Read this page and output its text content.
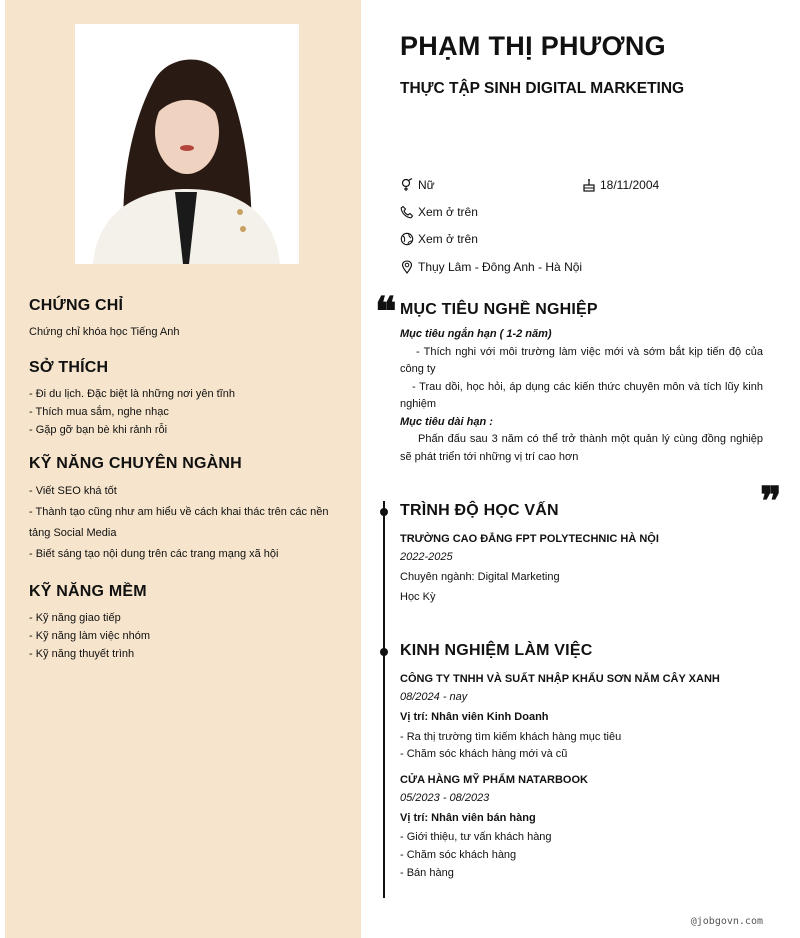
CHỨNG CHỈ
Chứng chỉ khóa học Tiếng Anh
SỞ THÍCH
- Đi du lịch. Đặc biệt là những nơi yên tĩnh
- Thích mua sắm, nghe nhạc
- Gặp gỡ bạn bè khi rảnh rỗi
KỸ NĂNG CHUYÊN NGÀNH
- Viết SEO khá tốt
- Thành tạo cũng như am hiểu về cách khai thác trên các nền tảng Social Media
- Biết sáng tạo nội dung trên các trang mạng xã hội
KỸ NĂNG MỀM
- Kỹ năng giao tiếp
- Kỹ năng làm việc nhóm
- Kỹ năng thuyết trình
PHẠM THỊ PHƯƠNG
THỰC TẬP SINH DIGITAL MARKETING
Nữ	18/11/2004
Xem ở trên
Xem ở trên
Thụy Lâm - Đông Anh - Hà Nội
❝ MỤC TIÊU NGHỀ NGHIỆP
Mục tiêu ngắn hạn ( 1-2 năm)
- Thích nghi với môi trường làm việc mới và sớm bắt kịp tiến độ của công ty
- Trau dồi, học hỏi, áp dụng các kiến thức chuyên môn và tích lũy kinh nghiệm
Mục tiêu dài hạn :
Phấn đấu sau 3 năm có thể trở thành một quản lý cùng đồng nghiệp sẽ phát triển tới những vị trí cao hơn
❞
TRÌNH ĐỘ HỌC VẤN
TRƯỜNG CAO ĐẲNG FPT POLYTECHNIC HÀ NỘI
2022-2025
Chuyên ngành: Digital Marketing
Học Kỳ
KINH NGHIỆM LÀM VIỆC
CÔNG TY TNHH VÀ SUẤT NHẬP KHẨU SƠN NĂM CÂY XANH
08/2024 - nay
Vị trí: Nhân viên Kinh Doanh
- Ra thị trường tìm kiếm khách hàng mục tiêu
- Chăm sóc khách hàng mới và cũ
CỬA HÀNG MỸ PHẨM NATARBOOK
05/2023 - 08/2023
Vị trí: Nhân viên bán hàng
- Giới thiệu, tư vấn khách hàng
- Chăm sóc khách hàng
- Bán hàng
@jobgovn.com
